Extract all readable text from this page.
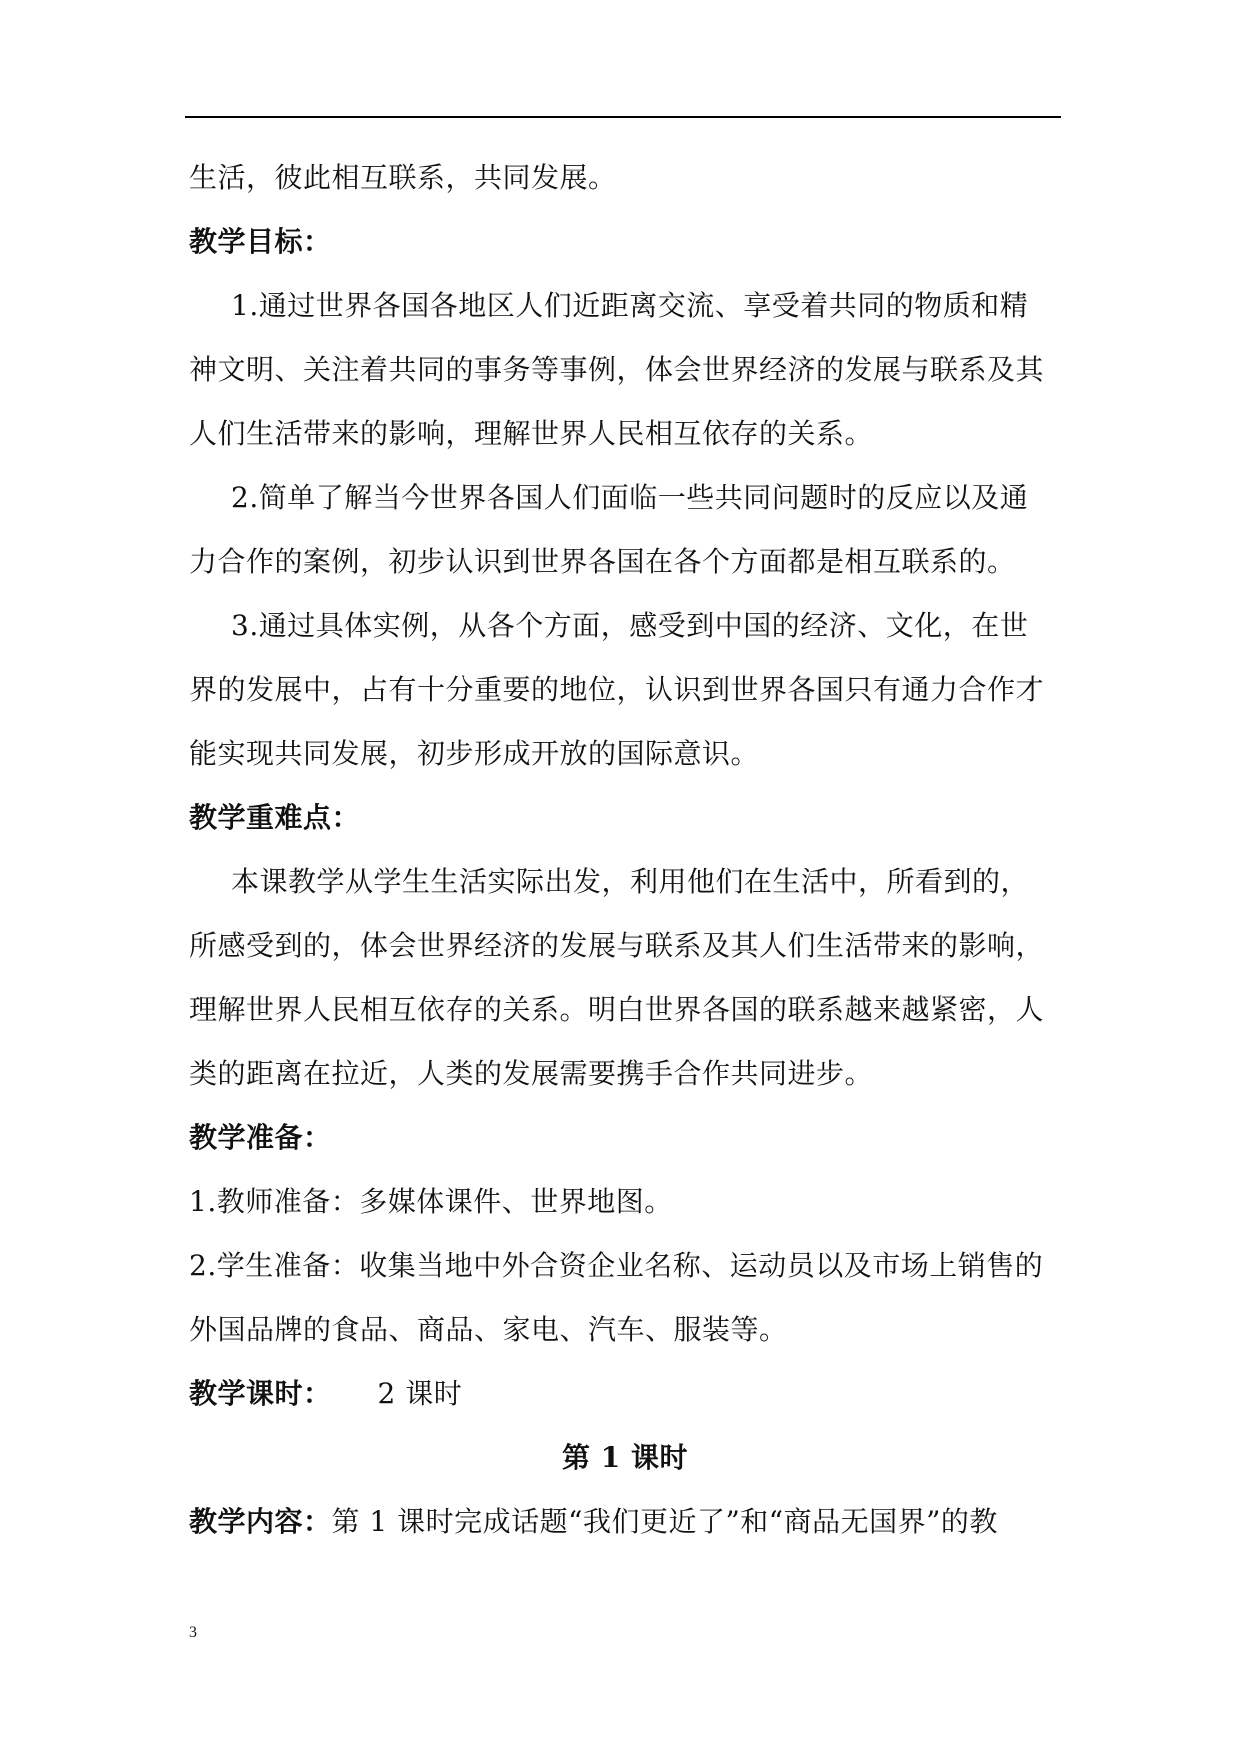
生活，彼此相互联系，共同发展。
教学目标：
1.通过世界各国各地区人们近距离交流、享受着共同的物质和精
神文明、关注着共同的事务等事例，体会世界经济的发展与联系及其
人们生活带来的影响，理解世界人民相互依存的关系。
2.简单了解当今世界各国人们面临一些共同问题时的反应以及通
力合作的案例，初步认识到世界各国在各个方面都是相互联系的。
3.通过具体实例，从各个方面，感受到中国的经济、文化，在世
界的发展中，占有十分重要的地位，认识到世界各国只有通力合作才
能实现共同发展，初步形成开放的国际意识。
教学重难点：
本课教学从学生生活实际出发，利用他们在生活中，所看到的，
所感受到的，体会世界经济的发展与联系及其人们生活带来的影响，
理解世界人民相互依存的关系。明白世界各国的联系越来越紧密，人
类的距离在拉近，人类的发展需要携手合作共同进步。
教学准备：
1.教师准备：多媒体课件、世界地图。
2.学生准备：收集当地中外合资企业名称、运动员以及市场上销售的
外国品牌的食品、商品、家电、汽车、服装等。
教学课时： 2 课时
第 1 课时
教学内容：第 1 课时完成话题“我们更近了”和“商品无国界”的教
3
